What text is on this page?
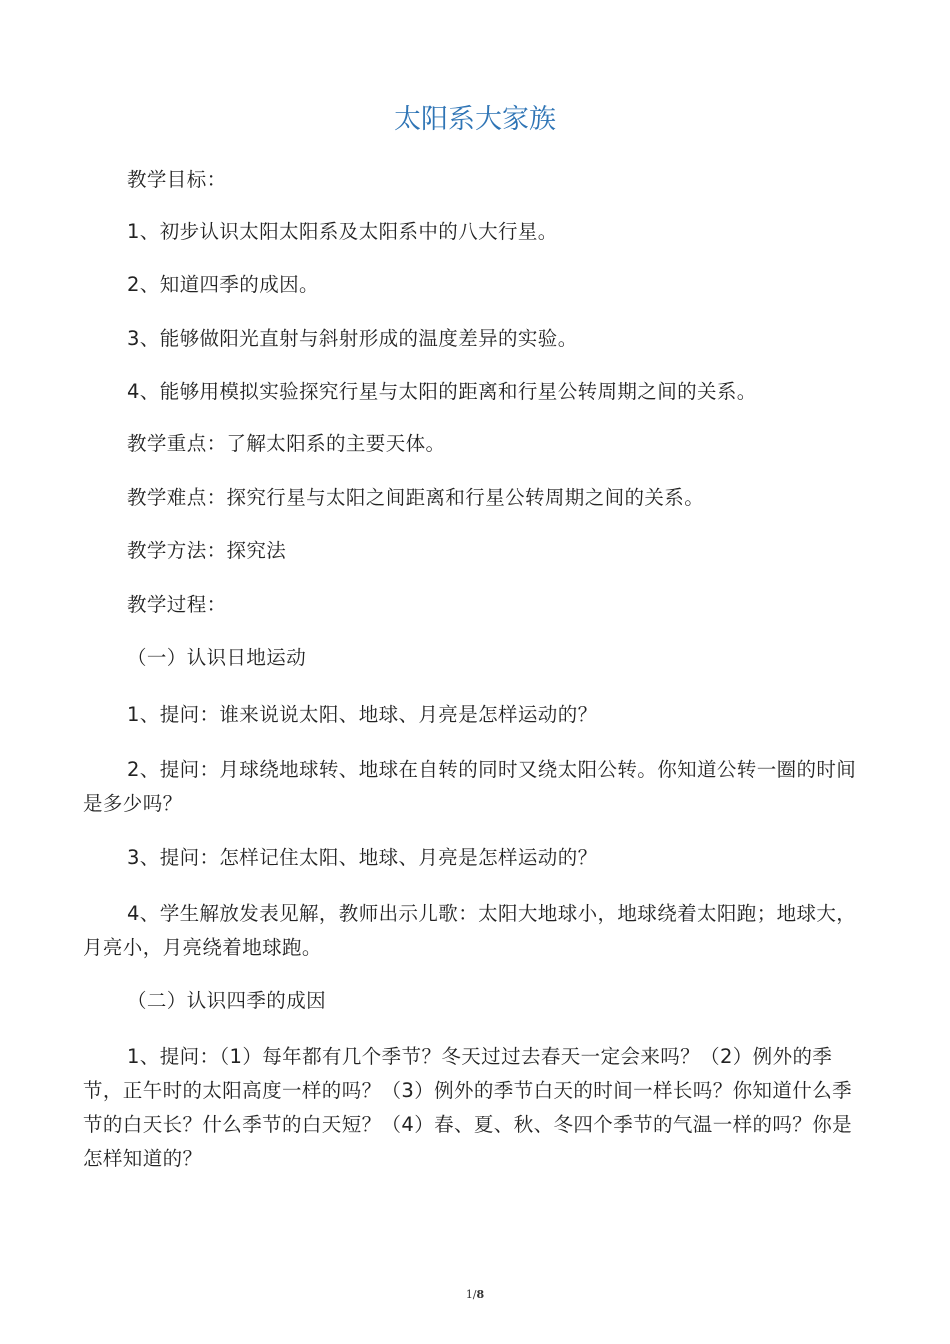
太阳系大家族

教学目标：

1、初步认识太阳太阳系及太阳系中的八大行星。

2、知道四季的成因。

3、能够做阳光直射与斜射形成的温度差异的实验。

4、能够用模拟实验探究行星与太阳的距离和行星公转周期之间的关系。

教学重点：了解太阳系的主要天体。

教学难点：探究行星与太阳之间距离和行星公转周期之间的关系。

教学方法：探究法

教学过程：

（一）认识日地运动

1、提问：谁来说说太阳、地球、月亮是怎样运动的？

2、提问：月球绕地球转、地球在自转的同时又绕太阳公转。你知道公转一圈的时间是多少吗？

3、提问：怎样记住太阳、地球、月亮是怎样运动的？

4、学生解放发表见解，教师出示儿歌：太阳大地球小，地球绕着太阳跑；地球大，月亮小，月亮绕着地球跑。

（二）认识四季的成因

1、提问：（1）每年都有几个季节？冬天过过去春天一定会来吗？（2）例外的季节，正午时的太阳高度一样的吗？（3）例外的季节白天的时间一样长吗？你知道什么季节的白天长？什么季节的白天短？（4）春、夏、秋、冬四个季节的气温一样的吗？你是怎样知道的？

1/8
